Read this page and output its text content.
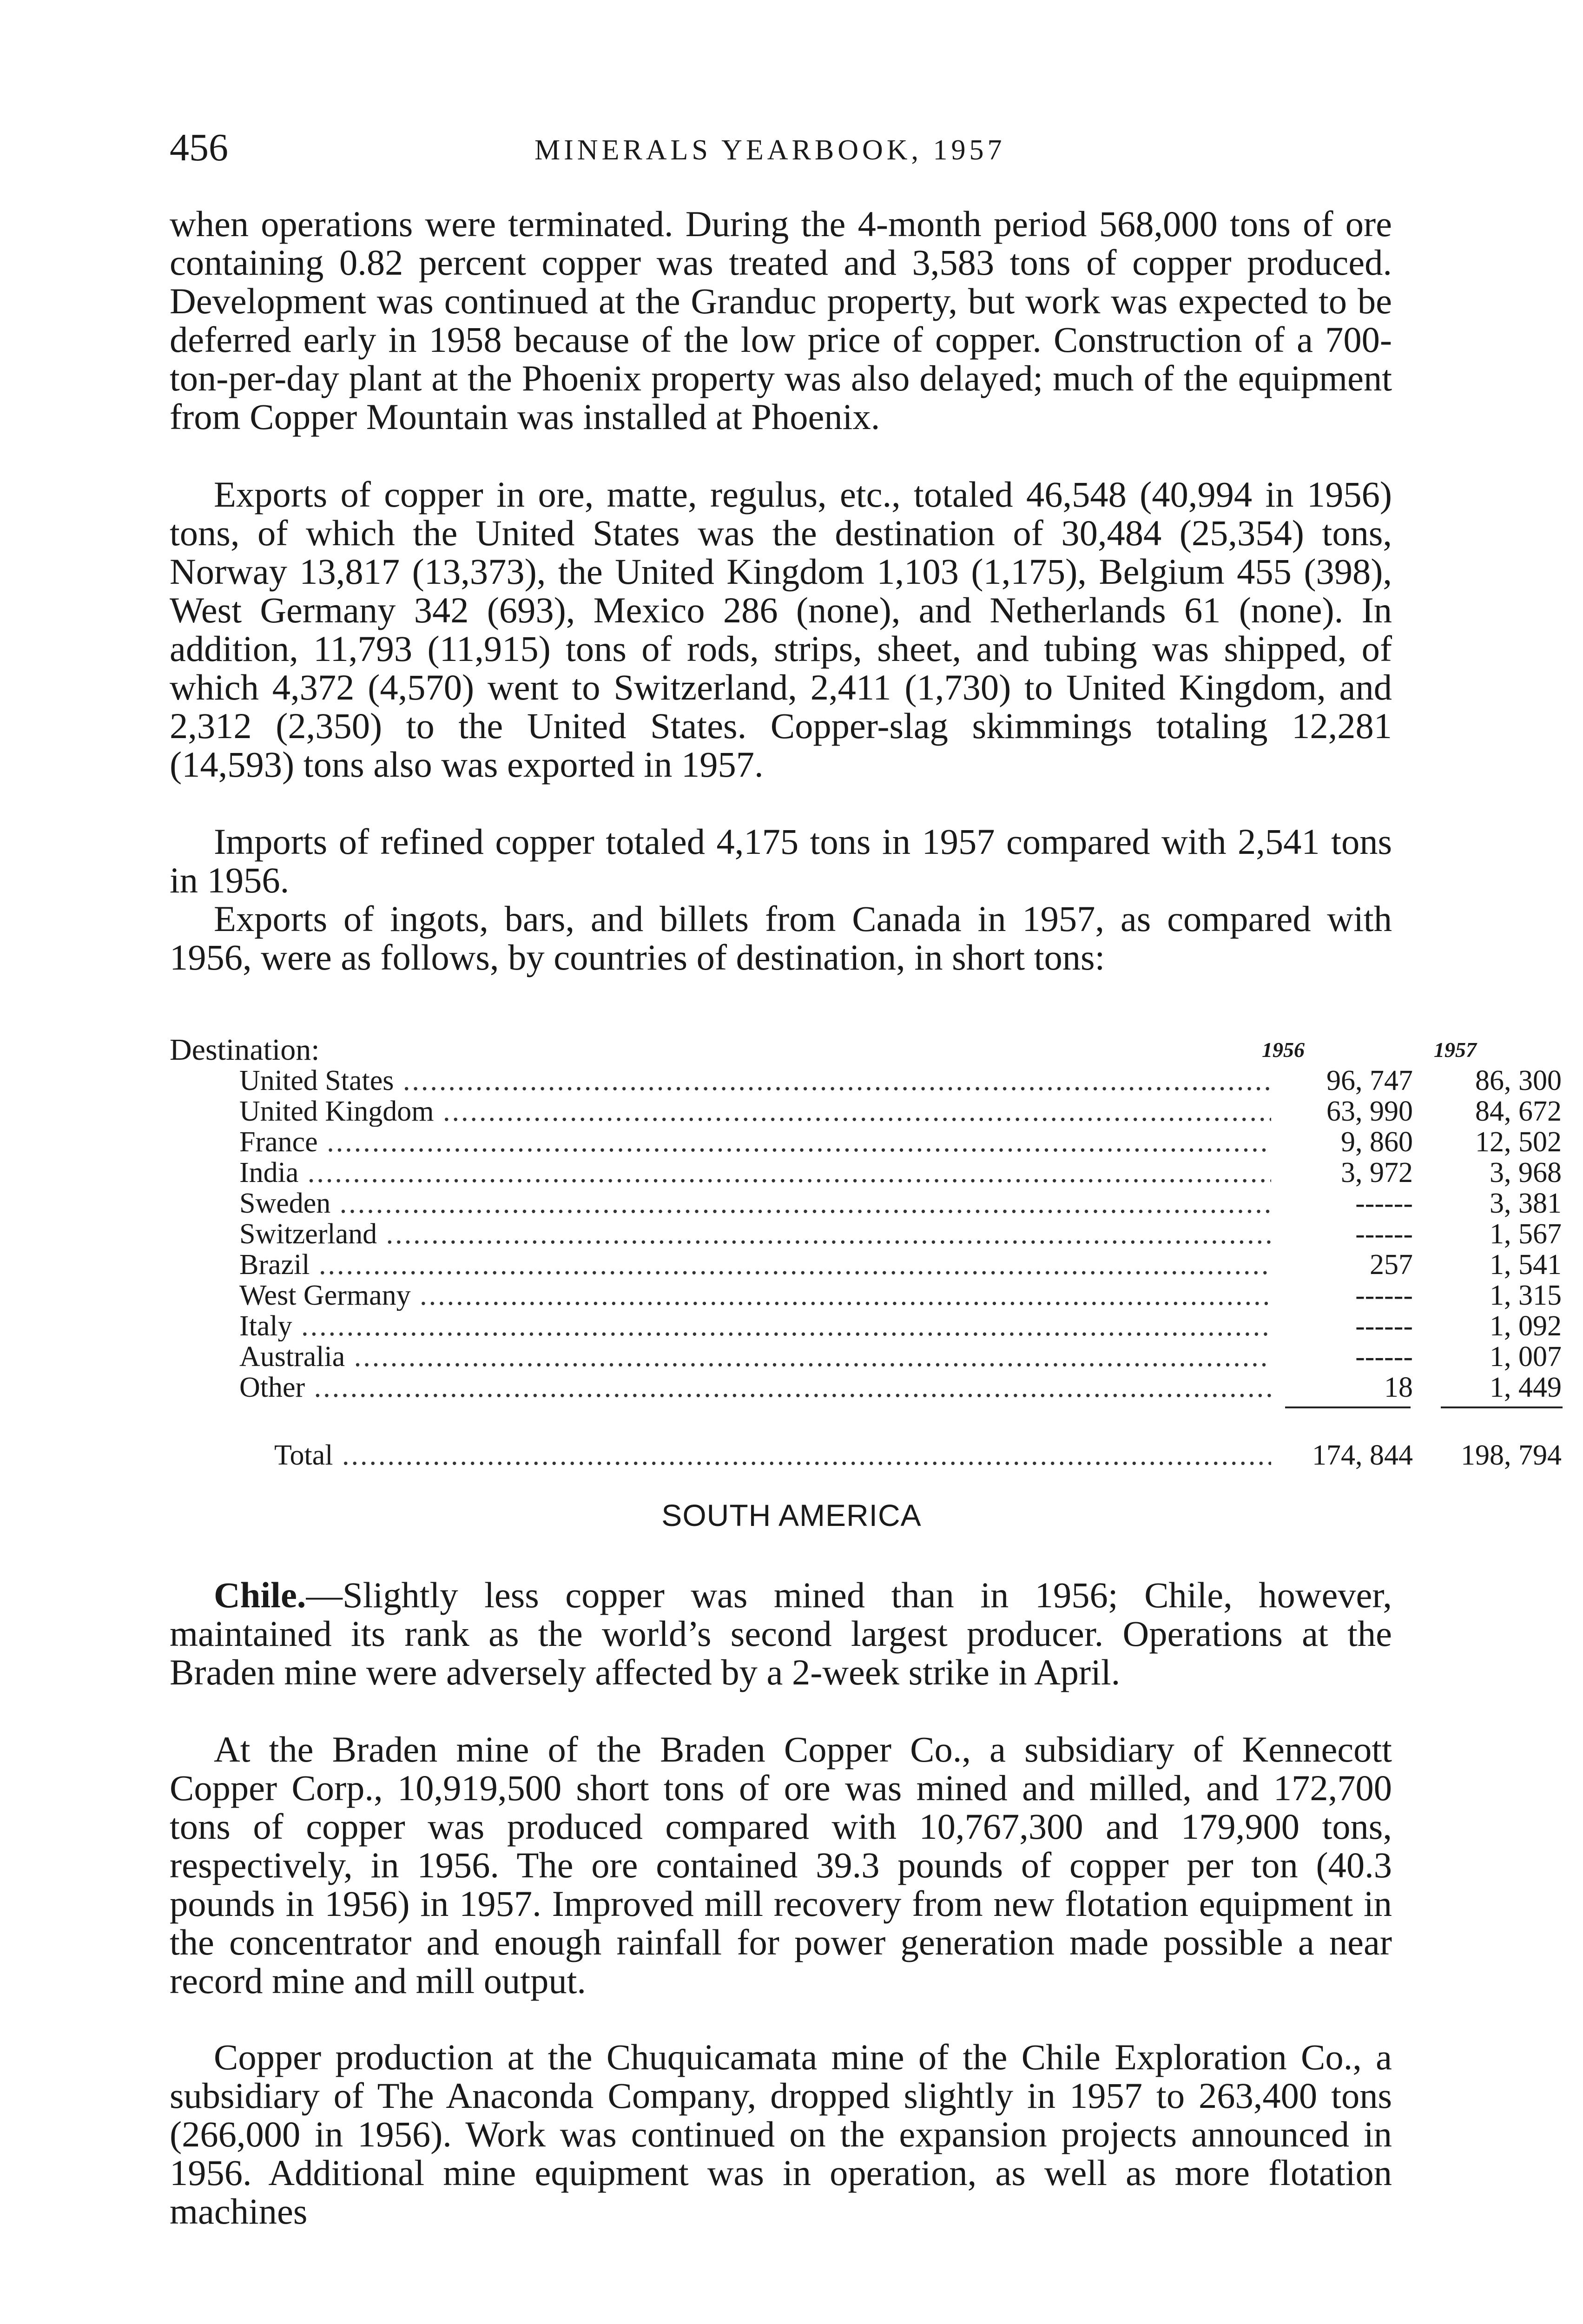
456	MINERALS YEARBOOK, 1957

when operations were terminated. During the 4-month period 568,000 tons of ore containing 0.82 percent copper was treated and 3,583 tons of copper produced. Development was continued at the Granduc property, but work was expected to be deferred early in 1958 because of the low price of copper. Construction of a 700-ton-per-day plant at the Phoenix property was also delayed; much of the equipment from Copper Mountain was installed at Phoenix.

Exports of copper in ore, matte, regulus, etc., totaled 46,548 (40,994 in 1956) tons, of which the United States was the destination of 30,484 (25,354) tons, Norway 13,817 (13,373), the United Kingdom 1,103 (1,175), Belgium 455 (398), West Germany 342 (693), Mexico 286 (none), and Netherlands 61 (none). In addition, 11,793 (11,915) tons of rods, strips, sheet, and tubing was shipped, of which 4,372 (4,570) went to Switzerland, 2,411 (1,730) to United Kingdom, and 2,312 (2,350) to the United States. Copper-slag skimmings totaling 12,281 (14,593) tons also was exported in 1957.

Imports of refined copper totaled 4,175 tons in 1957 compared with 2,541 tons in 1956.

Exports of ingots, bars, and billets from Canada in 1957, as compared with 1956, were as follows, by countries of destination, in short tons:

Destination:	1956	1957
United States .....	96, 747	86, 300
United Kingdom .....	63, 990	84, 672
France .....	9, 860	12, 502
India .....	3, 972	3, 968
Sweden .....	------	3, 381
Switzerland .....	------	1, 567
Brazil .....	257	1, 541
West Germany .....	------	1, 315
Italy .....	------	1, 092
Australia .....	------	1, 007
Other .....	18	1, 449
Total .....	174, 844	198, 794
SOUTH AMERICA

Chile.—Slightly less copper was mined than in 1956; Chile, however, maintained its rank as the world’s second largest producer. Operations at the Braden mine were adversely affected by a 2-week strike in April.

At the Braden mine of the Braden Copper Co., a subsidiary of Kennecott Copper Corp., 10,919,500 short tons of ore was mined and milled, and 172,700 tons of copper was produced compared with 10,767,300 and 179,900 tons, respectively, in 1956. The ore contained 39.3 pounds of copper per ton (40.3 pounds in 1956) in 1957. Improved mill recovery from new flotation equipment in the concentrator and enough rainfall for power generation made possible a near record mine and mill output.

Copper production at the Chuquicamata mine of the Chile Exploration Co., a subsidiary of The Anaconda Company, dropped slightly in 1957 to 263,400 tons (266,000 in 1956). Work was continued on the expansion projects announced in 1956. Additional mine equipment was in operation, as well as more flotation machines
